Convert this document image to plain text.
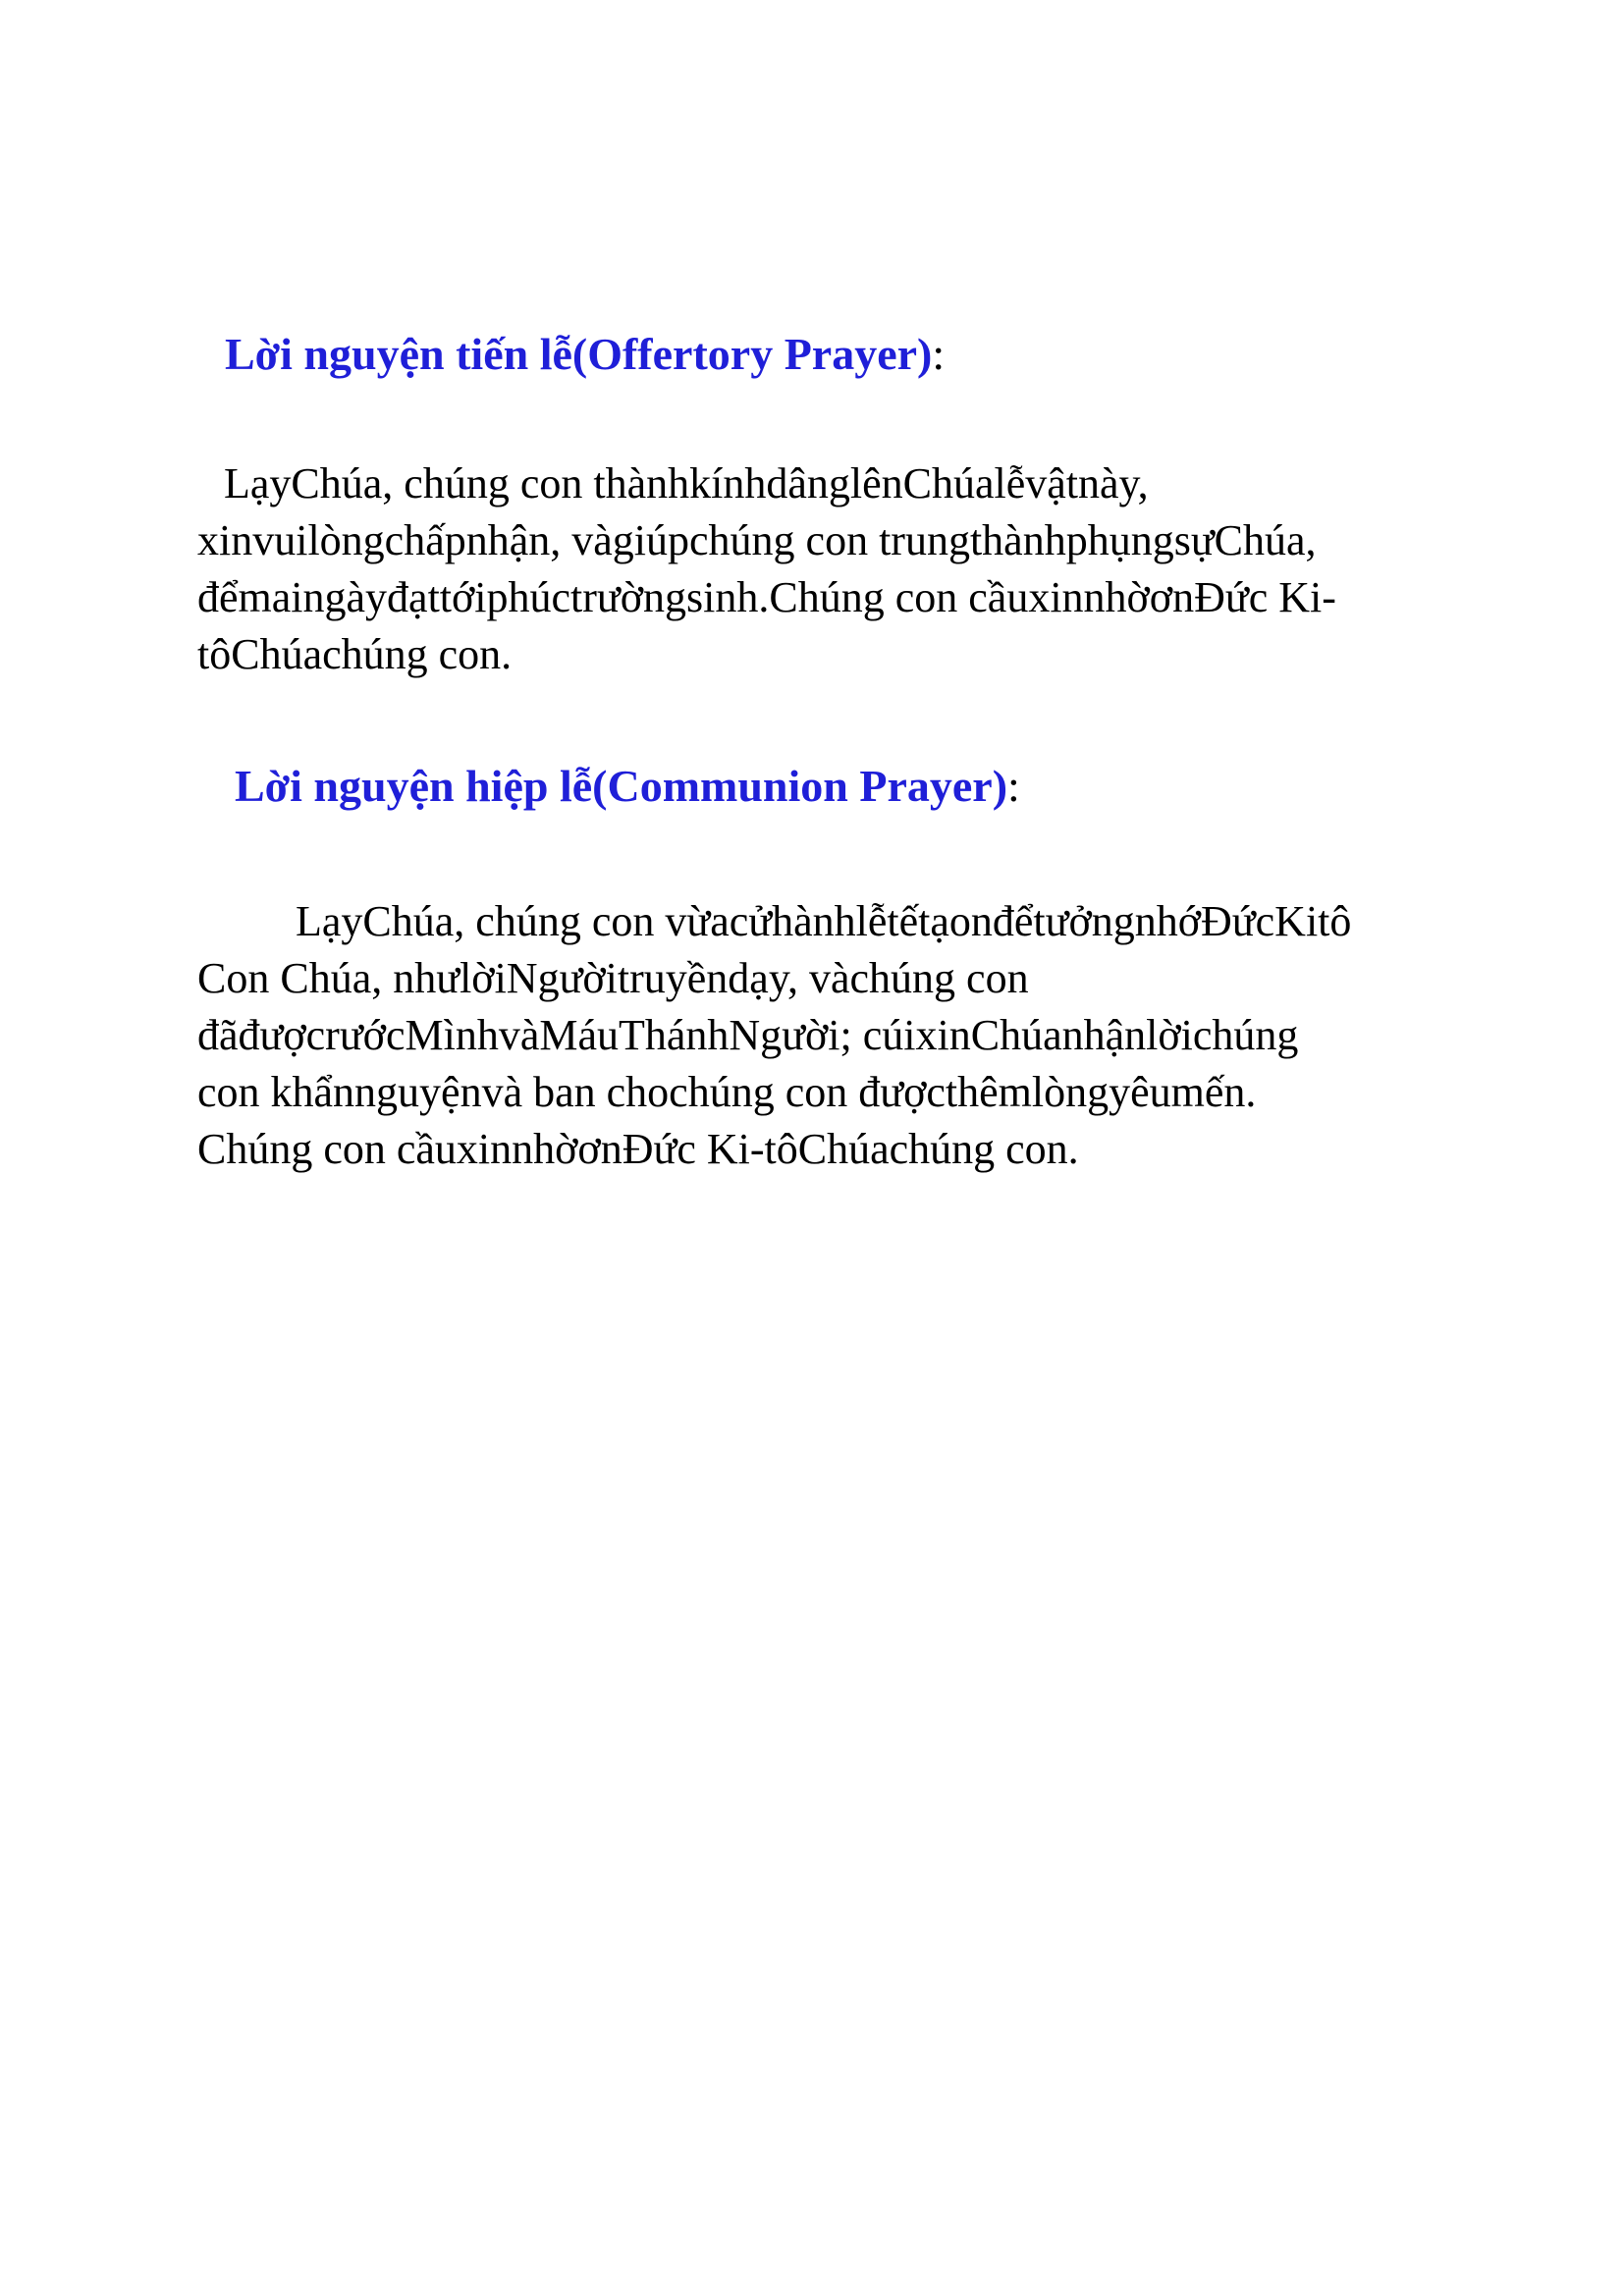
Lời nguyện tiến lễ(Offertory Prayer):

LạyChúa, chúng con thànhkínhdânglênChúalễvậtnày,
xinvuilòngchấpnhận, vàgiúpchúng con trungthànhphụngsựChúa,
đểmaingàyđạttớiphúctrườngsinh.Chúng con cầuxinnhờơnĐức Ki-
tôChúachúng con.

Lời nguyện hiệp lễ(Communion Prayer):

LạyChúa, chúng con vừacửhànhlễtếtạonđểtưởngnhớĐứcKitô
Con Chúa, nhưlờiNgườitruyềndạy, vàchúng con
đãđượcrướcMìnhvàMáuThánhNgười; cúixinChúanhậnlờichúng
con khẩnnguyệnvà ban chochúng con đượcthêmlòngyêumến.
Chúng con cầuxinnhờơnĐức Ki-tôChúachúng con.
